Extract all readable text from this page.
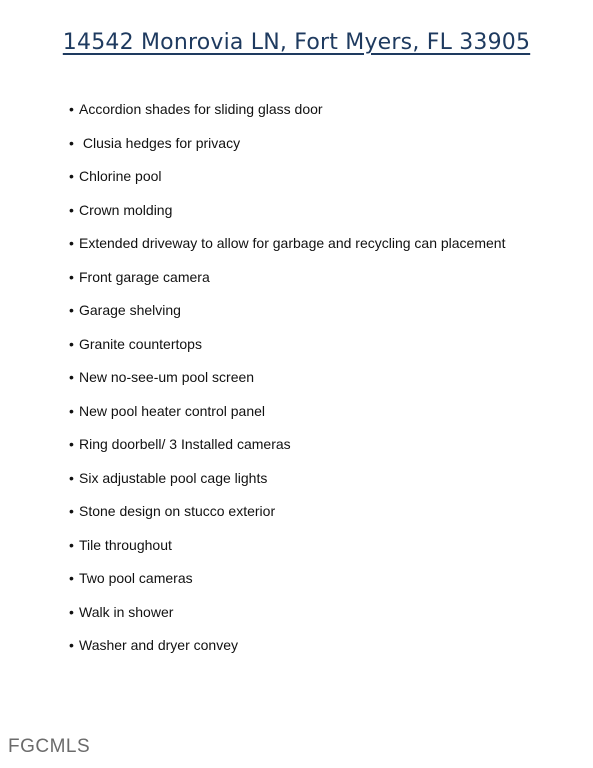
14542 Monrovia LN, Fort Myers, FL 33905
• Accordion shades for sliding glass door
• Clusia hedges for privacy
• Chlorine pool
• Crown molding
• Extended driveway to allow for garbage and recycling can placement
• Front garage camera
• Garage shelving
• Granite countertops
• New no-see-um pool screen
• New pool heater control panel
• Ring doorbell/ 3 Installed cameras
• Six adjustable pool cage lights
• Stone design on stucco exterior
• Tile throughout
• Two pool cameras
• Walk in shower
• Washer and dryer convey
FGCMLS
